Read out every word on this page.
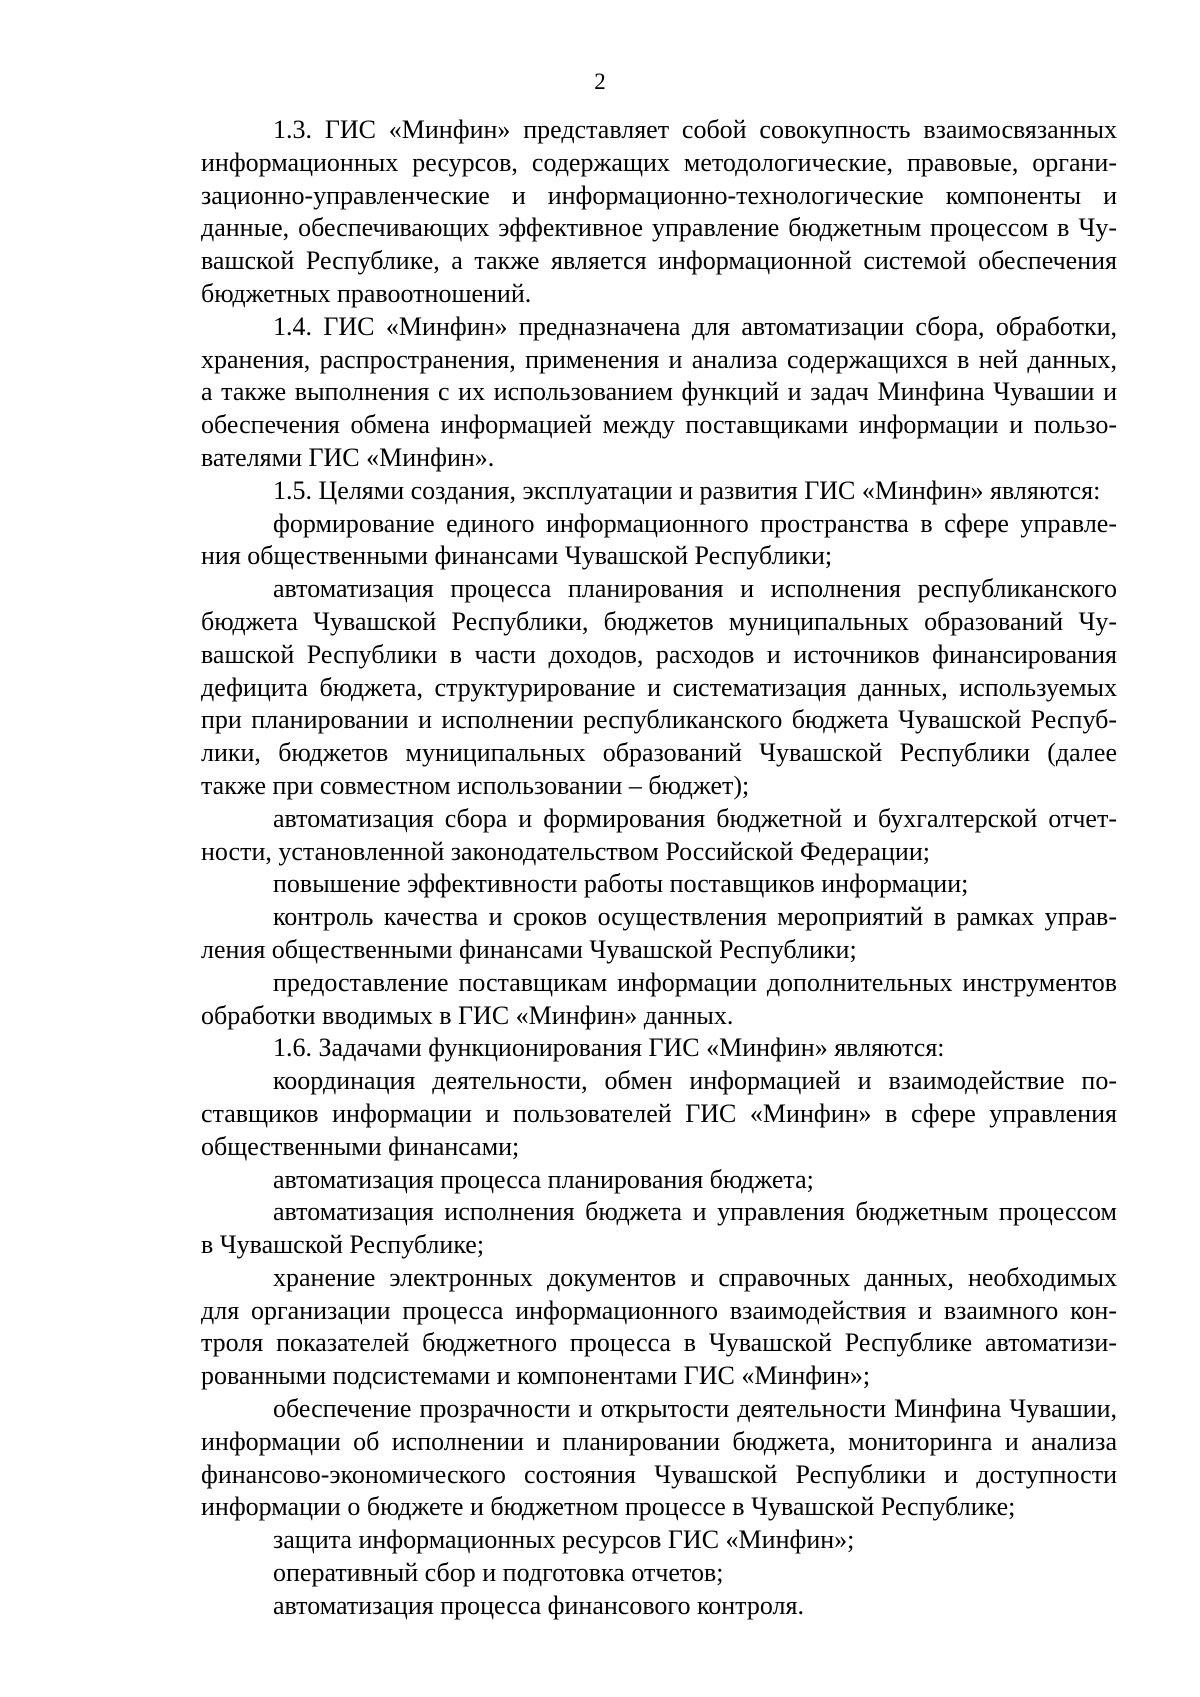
2
1.3. ГИС «Минфин» представляет собой совокупность взаимосвязанных
информационных ресурсов, содержащих методологические, правовые, органи-
зационно-управленческие и информационно-технологические компоненты и
данные, обеспечивающих эффективное управление бюджетным процессом в Чу-
вашской Республике, а также является информационной системой обеспечения
бюджетных правоотношений.
1.4. ГИС «Минфин» предназначена для автоматизации сбора, обработки,
хранения, распространения, применения и анализа содержащихся в ней данных,
а также выполнения с их использованием функций и задач Минфина Чувашии и
обеспечения обмена информацией между поставщиками информации и пользо-
вателями ГИС «Минфин».
1.5. Целями создания, эксплуатации и развития ГИС «Минфин» являются:
формирование единого информационного пространства в сфере управле-
ния общественными финансами Чувашской Республики;
автоматизация процесса планирования и исполнения республиканского
бюджета Чувашской Республики, бюджетов муниципальных образований Чу-
вашской Республики в части доходов, расходов и источников финансирования
дефицита бюджета, структурирование и систематизация данных, используемых
при планировании и исполнении республиканского бюджета Чувашской Респуб-
лики, бюджетов муниципальных образований Чувашской Республики (далее
также при совместном использовании – бюджет);
автоматизация сбора и формирования бюджетной и бухгалтерской отчет-
ности, установленной законодательством Российской Федерации;
повышение эффективности работы поставщиков информации;
контроль качества и сроков осуществления мероприятий в рамках управ-
ления общественными финансами Чувашской Республики;
предоставление поставщикам информации дополнительных инструментов
обработки вводимых в ГИС «Минфин» данных.
1.6. Задачами функционирования ГИС «Минфин» являются:
координация деятельности, обмен информацией и взаимодействие по-
ставщиков информации и пользователей ГИС «Минфин» в сфере управления
общественными финансами;
автоматизация процесса планирования бюджета;
автоматизация исполнения бюджета и управления бюджетным процессом
в Чувашской Республике;
хранение электронных документов и справочных данных, необходимых
для организации процесса информационного взаимодействия и взаимного кон-
троля показателей бюджетного процесса в Чувашской Республике автоматизи-
рованными подсистемами и компонентами ГИС «Минфин»;
обеспечение прозрачности и открытости деятельности Минфина Чувашии,
информации об исполнении и планировании бюджета, мониторинга и анализа
финансово-экономического состояния Чувашской Республики и доступности
информации о бюджете и бюджетном процессе в Чувашской Республике;
защита информационных ресурсов ГИС «Минфин»;
оперативный сбор и подготовка отчетов;
автоматизация процесса финансового контроля.
